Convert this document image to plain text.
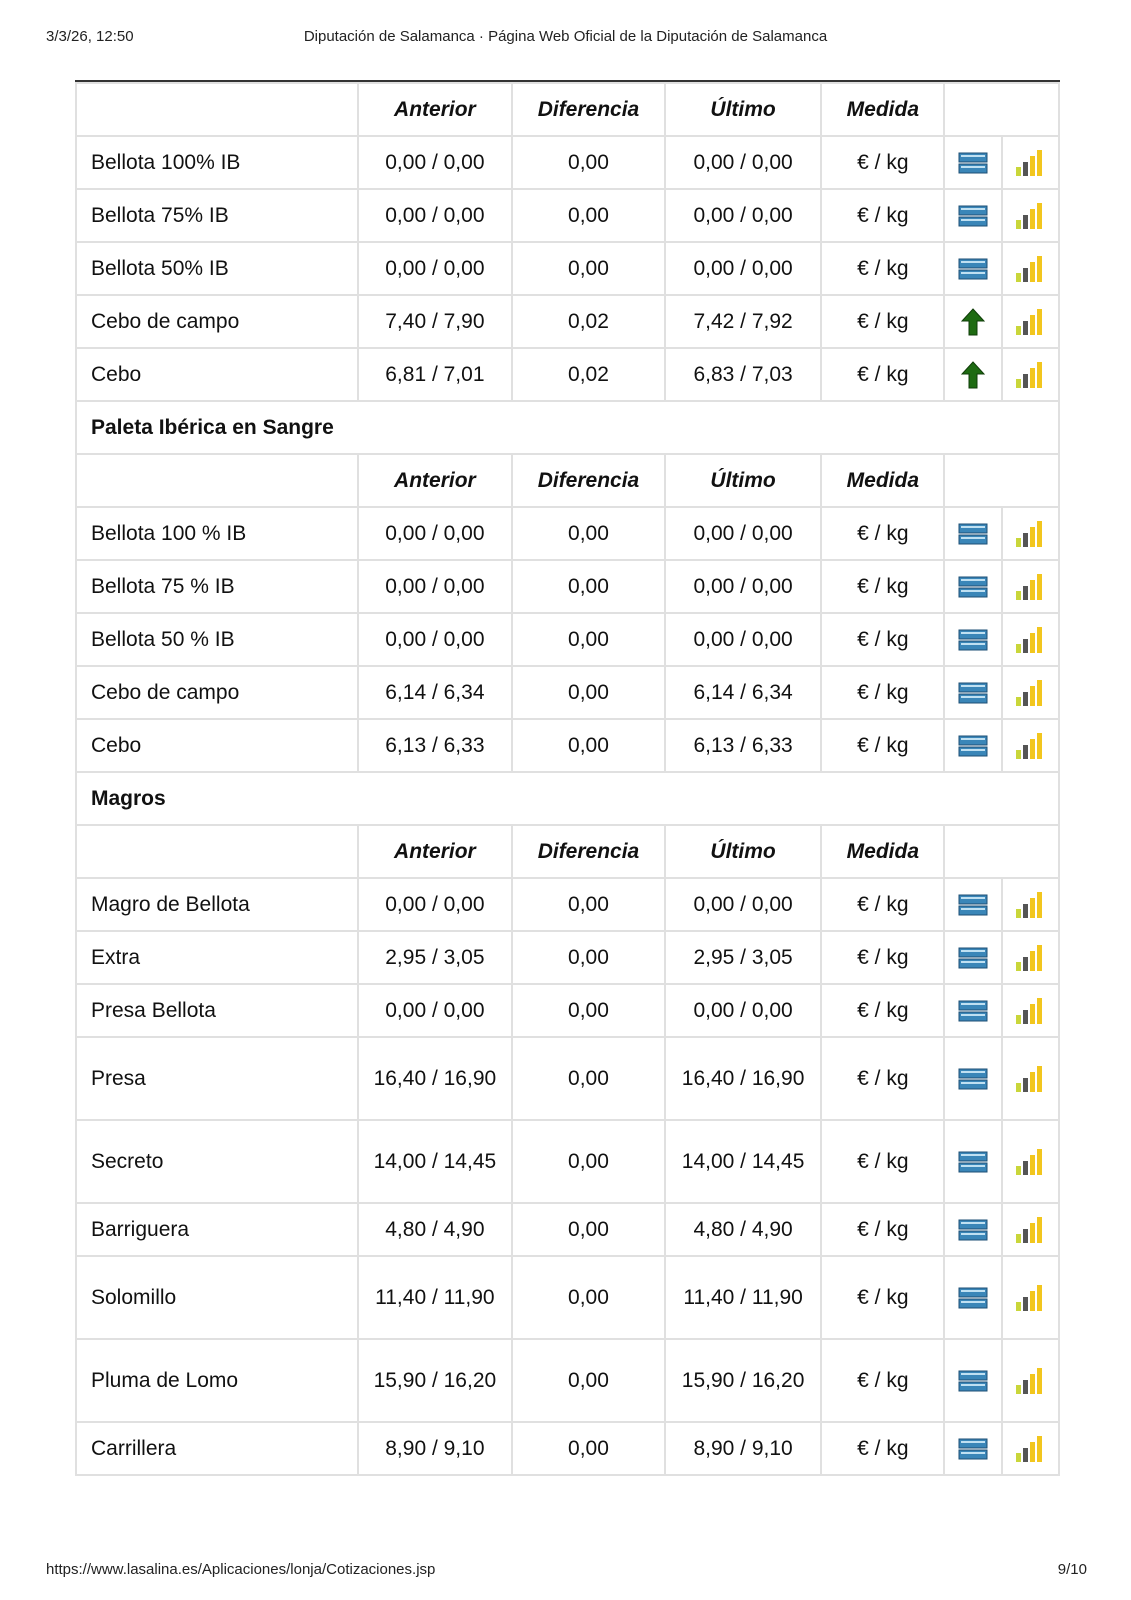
3/3/26, 12:50	Diputación de Salamanca · Página Web Oficial de la Diputación de Salamanca
	Anterior	Diferencia	Último	Medida		
Bellota 100% IB	0,00 / 0,00	0,00	0,00 / 0,00	€ / kg		
Bellota 75% IB	0,00 / 0,00	0,00	0,00 / 0,00	€ / kg		
Bellota 50% IB	0,00 / 0,00	0,00	0,00 / 0,00	€ / kg		
Cebo de campo	7,40 / 7,90	0,02	7,42 / 7,92	€ / kg		
Cebo	6,81 / 7,01	0,02	6,83 / 7,03	€ / kg		
Paleta Ibérica en Sangre						
	Anterior	Diferencia	Último	Medida		
Bellota 100 % IB	0,00 / 0,00	0,00	0,00 / 0,00	€ / kg		
Bellota 75 % IB	0,00 / 0,00	0,00	0,00 / 0,00	€ / kg		
Bellota 50 % IB	0,00 / 0,00	0,00	0,00 / 0,00	€ / kg		
Cebo de campo	6,14 / 6,34	0,00	6,14 / 6,34	€ / kg		
Cebo	6,13 / 6,33	0,00	6,13 / 6,33	€ / kg		
Magros						
	Anterior	Diferencia	Último	Medida		
Magro de Bellota	0,00 / 0,00	0,00	0,00 / 0,00	€ / kg		
Extra	2,95 / 3,05	0,00	2,95 / 3,05	€ / kg		
Presa Bellota	0,00 / 0,00	0,00	0,00 / 0,00	€ / kg		
Presa	16,40 / 16,90	0,00	16,40 / 16,90	€ / kg		
Secreto	14,00 / 14,45	0,00	14,00 / 14,45	€ / kg		
Barriguera	4,80 / 4,90	0,00	4,80 / 4,90	€ / kg		
Solomillo	11,40 / 11,90	0,00	11,40 / 11,90	€ / kg		
Pluma de Lomo	15,90 / 16,20	0,00	15,90 / 16,20	€ / kg		
Carrillera	8,90 / 9,10	0,00	8,90 / 9,10	€ / kg		
https://www.lasalina.es/Aplicaciones/lonja/Cotizaciones.jsp	9/10
